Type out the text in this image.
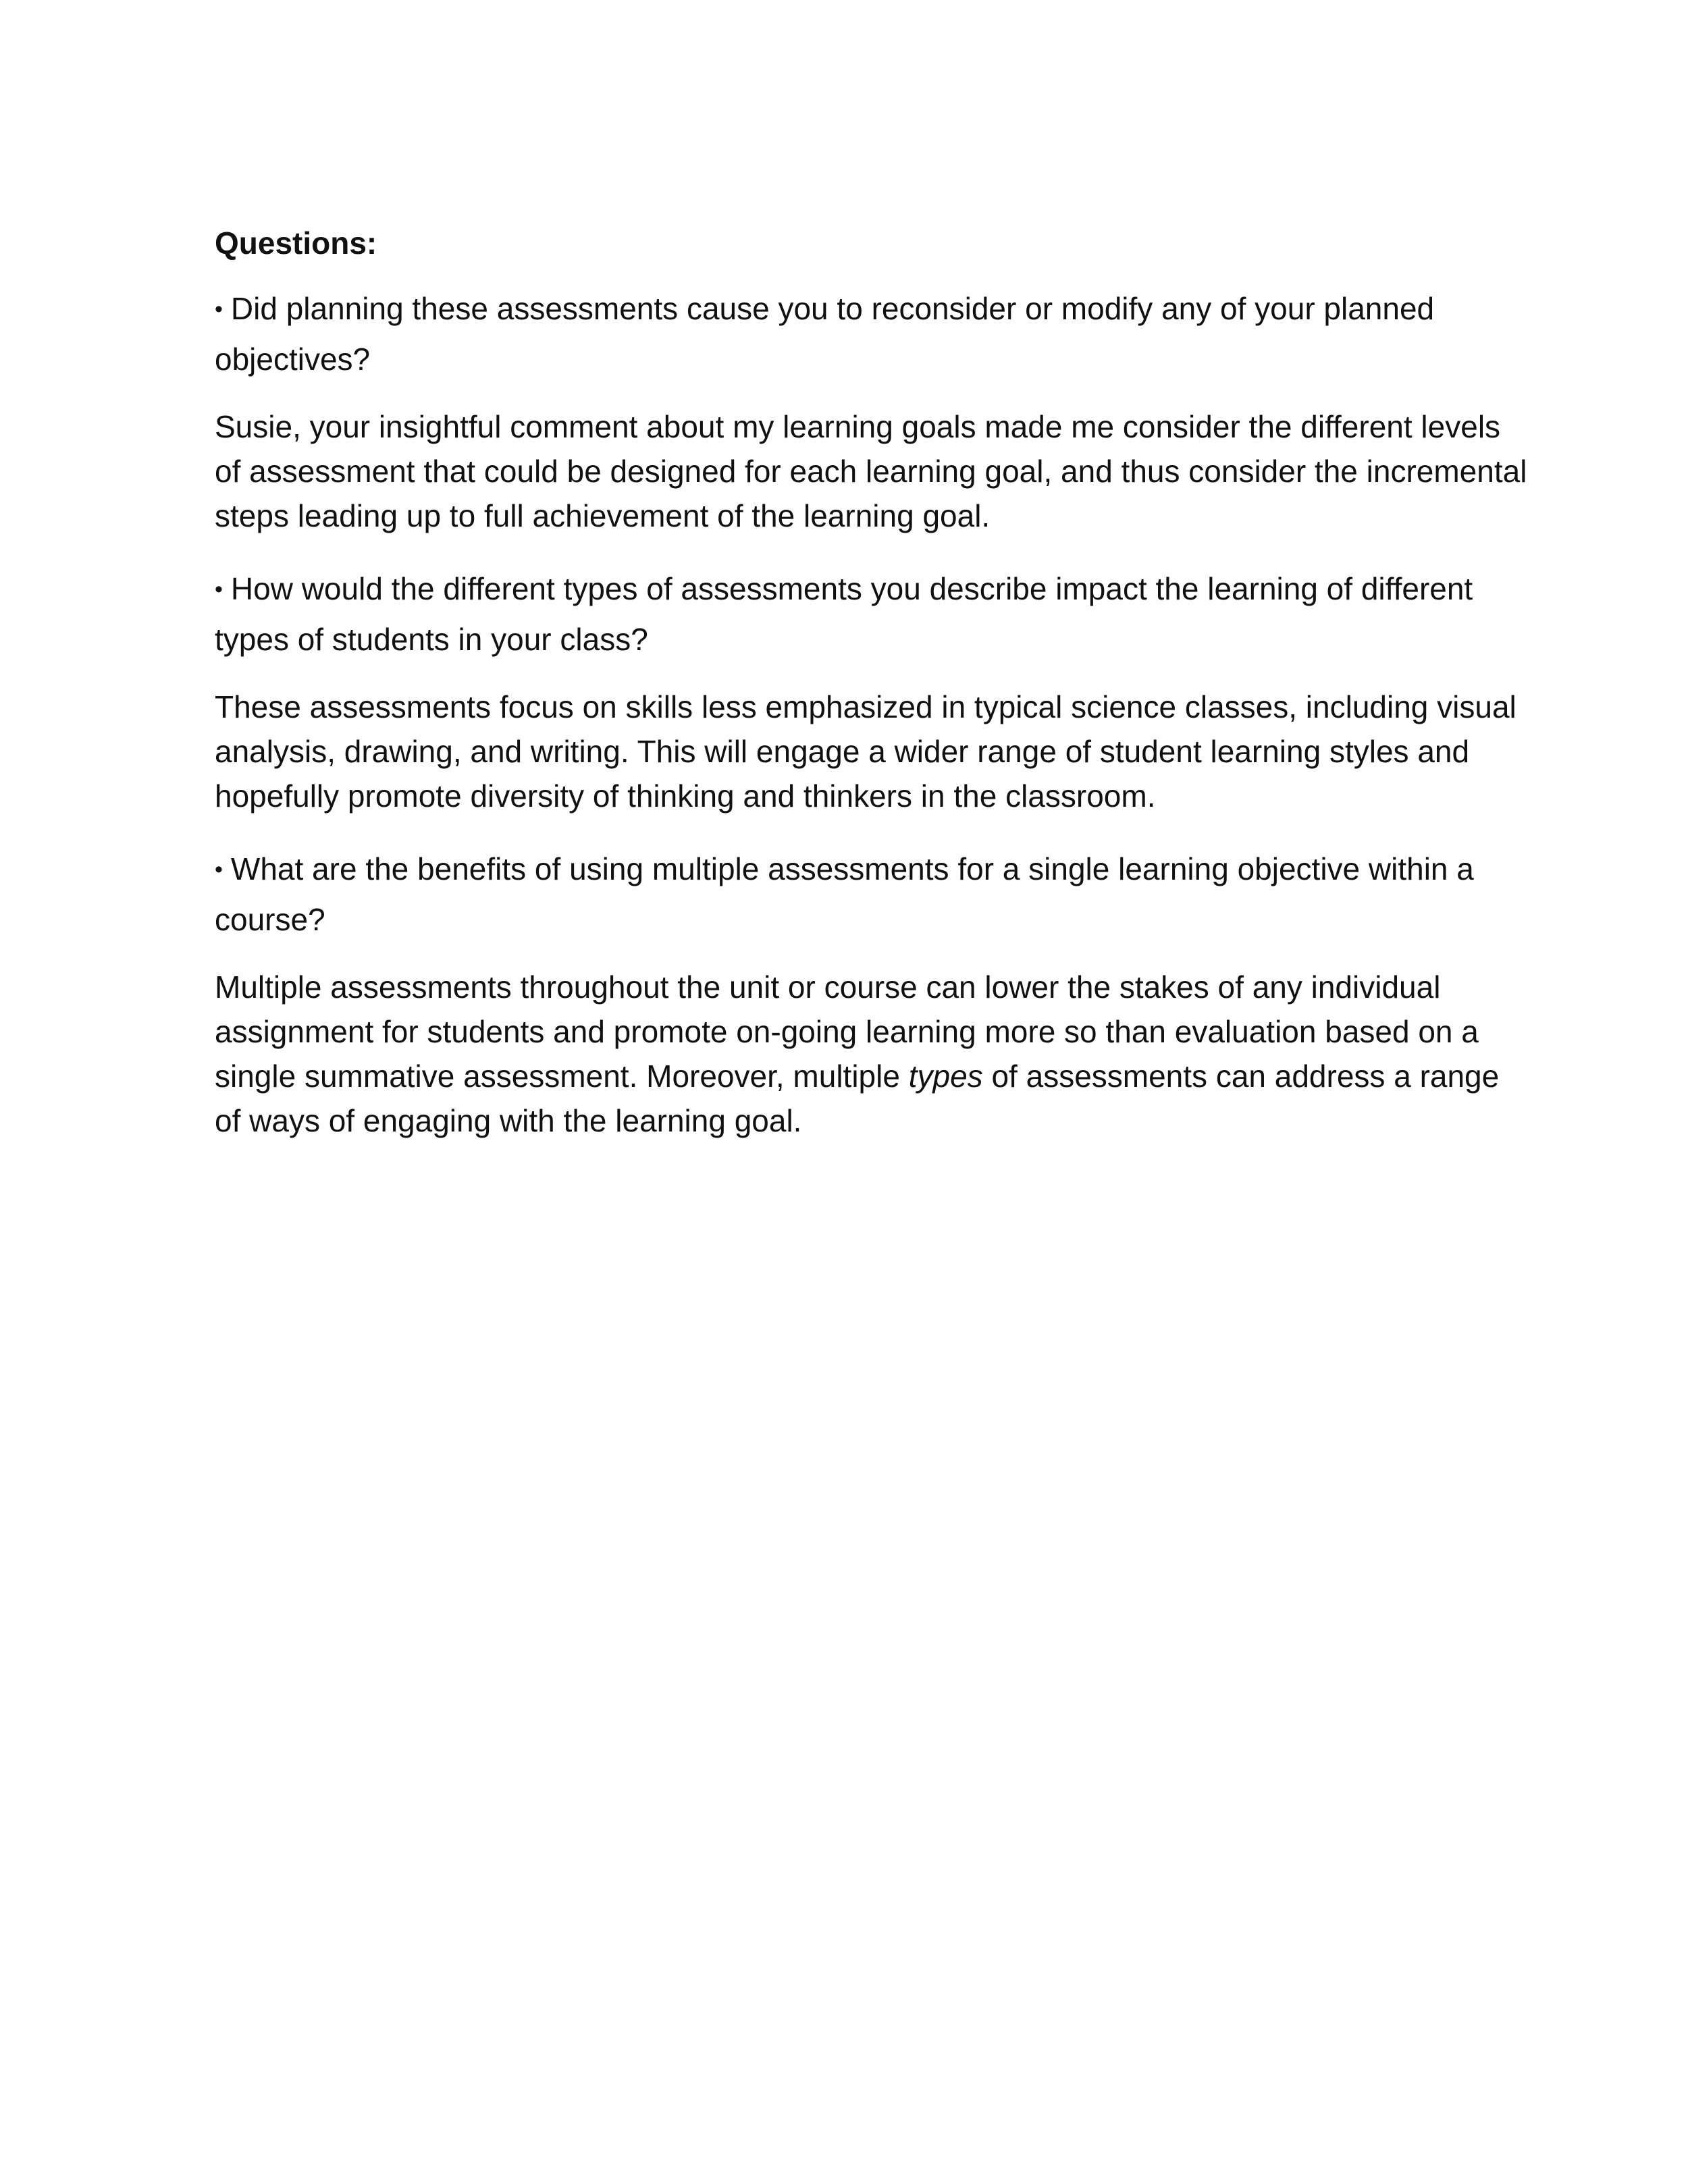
Questions:

• Did planning these assessments cause you to reconsider or modify any of your planned objectives?

Susie, your insightful comment about my learning goals made me consider the different levels of assessment that could be designed for each learning goal, and thus consider the incremental steps leading up to full achievement of the learning goal.

• How would the different types of assessments you describe impact the learning of different types of students in your class?

These assessments focus on skills less emphasized in typical science classes, including visual analysis, drawing, and writing. This will engage a wider range of student learning styles and hopefully promote diversity of thinking and thinkers in the classroom.

• What are the benefits of using multiple assessments for a single learning objective within a course?

Multiple assessments throughout the unit or course can lower the stakes of any individual assignment for students and promote on-going learning more so than evaluation based on a single summative assessment. Moreover, multiple types of assessments can address a range of ways of engaging with the learning goal.
